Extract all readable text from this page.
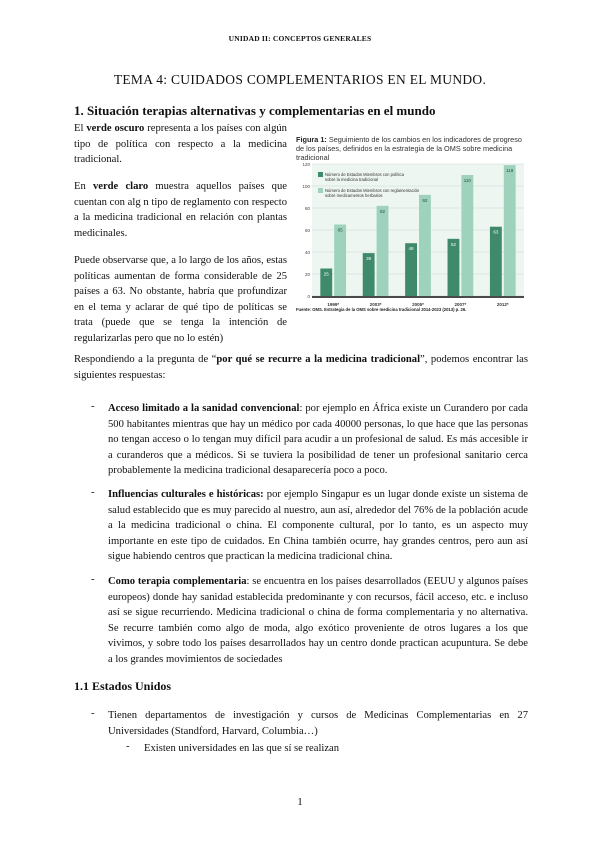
UNIDAD II: CONCEPTOS GENERALES
TEMA 4: CUIDADOS COMPLEMENTARIOS EN EL MUNDO.
1. Situación terapias alternativas y complementarias en el mundo
El verde oscuro representa a los países con algún tipo de política con respecto a la medicina tradicional.
En verde claro muestra aquellos países que cuentan con alg n tipo de reglamento con respecto a la medicina tradicional en relación con plantas medicinales.
Puede observarse que, a lo largo de los años, estas políticas aumentan de forma considerable de 25 países a 63. No obstante, habría que profundizar en el tema y aclarar de qué tipo de políticas se trata (puede que se tenga la intención de regularizarlas pero que no lo estén)
Figura 1: Seguimiento de los cambios en los indicadores de progreso de los países, definidos en la estrategia de la OMS sobre medicina tradicional
0
20
40
60
80
100
120
25
65
1999*
39
82
2003*
48
92
2005*
52
110
2007*
63
119
2012*
Número de Estados Miembros con política
sobre la medicina tradicional
Número de Estados Miembros con reglamentación
sobre medicamentos herbarios
Fuente: OMS. Estrategia de la OMS sobre medicina tradicional 2014-2023 (2013) p. 26.
Respondiendo a la pregunta de “por qué se recurre a la medicina tradicional”, podemos encontrar las siguientes respuestas:
- Acceso limitado a la sanidad convencional: por ejemplo en África existe un Curandero por cada 500 habitantes mientras que hay un médico por cada 40000 personas, lo que hace que las personas no tengan acceso o lo tengan muy difícil para acudir a un profesional de salud. Es más accesible ir a curanderos que a médicos. Si se tuviera la posibilidad de tener un profesional sanitario cerca probablemente la medicina tradicional desaparecería poco a poco.
- Influencias culturales e históricas: por ejemplo Singapur es un lugar donde existe un sistema de salud establecido que es muy parecido al nuestro, aun así, alrededor del 76% de la población acude a la medicina tradicional o china. El componente cultural, por lo tanto, es un aspecto muy importante en este tipo de cuidados. En China también ocurre, hay grandes centros, pero aun así sigue habiendo centros que practican la medicina tradicional china.
- Como terapia complementaria: se encuentra en los países desarrollados (EEUU y algunos países europeos) donde hay sanidad establecida predominante y con recursos, fácil acceso, etc. e incluso así se sigue recurriendo. Medicina tradicional o china de forma complementaria y no alternativa. Se recurre también como algo de moda, algo exótico proveniente de otros lugares a los que vivimos, y sobre todo los países desarrollados hay un centro donde practican acupuntura. Se debe a los grandes movimientos de sociedades
1.1 Estados Unidos
- Tienen departamentos de investigación y cursos de Medicinas Complementarias en 27 Universidades (Standford, Harvard, Columbia…)
- Existen universidades en las que sí se realizan
1
